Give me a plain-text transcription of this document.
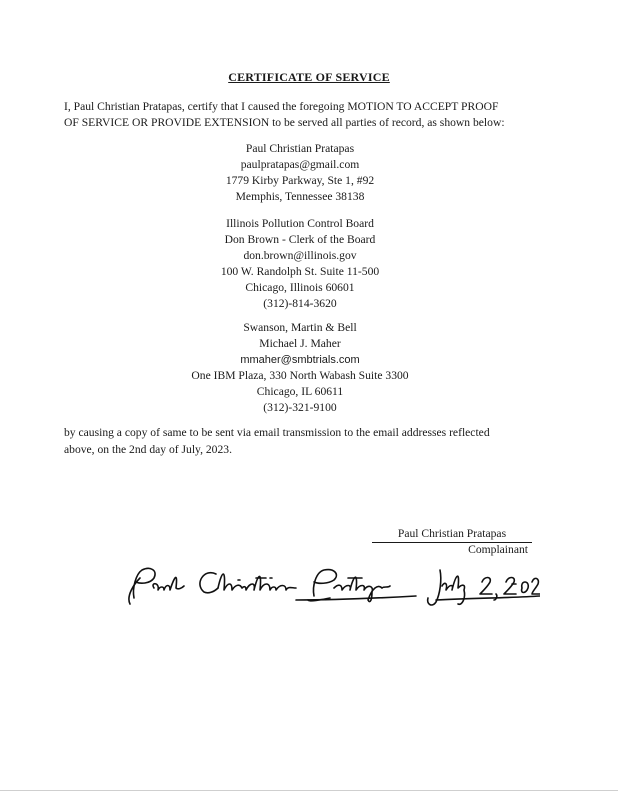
CERTIFICATE OF SERVICE
I, Paul Christian Pratapas, certify that I caused the foregoing MOTION TO ACCEPT PROOF
OF SERVICE OR PROVIDE EXTENSION to be served all parties of record, as shown below:
Paul Christian Pratapas
paulpratapas@gmail.com
1779 Kirby Parkway, Ste 1, #92
Memphis, Tennessee 38138
Illinois Pollution Control Board
Don Brown - Clerk of the Board
don.brown@illinois.gov
100 W. Randolph St. Suite 11-500
Chicago, Illinois 60601
(312)-814-3620
Swanson, Martin & Bell
Michael J. Maher
mmaher@smbtrials.com
One IBM Plaza, 330 North Wabash Suite 3300
Chicago, IL 60611
(312)-321-9100
by causing a copy of same to be sent via email transmission to the email addresses reflected
above, on the 2nd day of July, 2023.
Paul Christian Pratapas
Complainant
